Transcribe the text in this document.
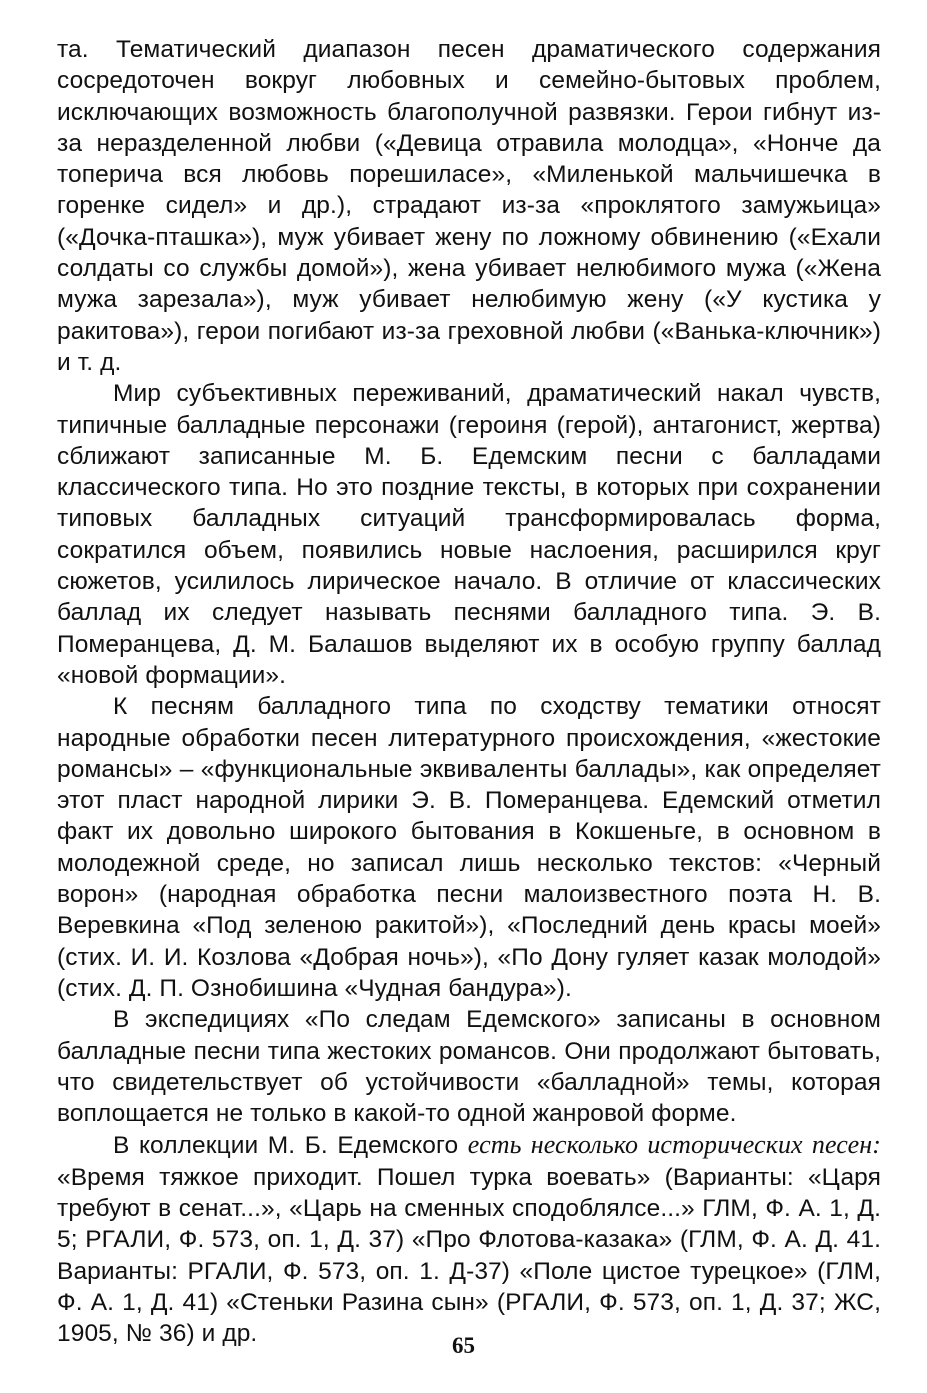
та. Тематический диапазон песен драматического содержания сосредоточен вокруг любовных и семейно-бытовых проблем, исключающих возможность благополучной развязки. Герои гибнут из-за неразделенной любви («Девица отравила молодца», «Нонче да топерича вся любовь порешиласе», «Миленькой мальчишечка в горенке сидел» и др.), страдают из-за «проклятого замужьица» («Дочка-пташка»), муж убивает жену по ложному обвинению («Ехали солдаты со службы домой»), жена убивает нелюбимого мужа («Жена мужа зарезала»), муж убивает нелюбимую жену («У кустика у ракитова»), герои погибают из-за греховной любви («Ванька-ключник») и т. д.

Мир субъективных переживаний, драматический накал чувств, типичные балладные персонажи (героиня (герой), антагонист, жертва) сближают записанные М. Б. Едемским песни с балладами классического типа. Но это поздние тексты, в которых при сохранении типовых балладных ситуаций трансформировалась форма, сократился объем, появились новые наслоения, расширился круг сюжетов, усилилось лирическое начало. В отличие от классических баллад их следует называть песнями балладного типа. Э. В. Померанцева, Д. М. Балашов выделяют их в особую группу баллад «новой формации».

К песням балладного типа по сходству тематики относят народные обработки песен литературного происхождения, «жестокие романсы» – «функциональные эквиваленты баллады», как определяет этот пласт народной лирики Э. В. Померанцева. Едемский отметил факт их довольно широкого бытования в Кокшеньге, в основном в молодежной среде, но записал лишь несколько текстов: «Черный ворон» (народная обработка песни малоизвестного поэта Н. В. Веревкина «Под зеленою ракитой»), «Последний день красы моей» (стих. И. И. Козлова «Добрая ночь»), «По Дону гуляет казак молодой» (стих. Д. П. Ознобишина «Чудная бандура»).

В экспедициях «По следам Едемского» записаны в основном балладные песни типа жестоких романсов. Они продолжают бытовать, что свидетельствует об устойчивости «балладной» темы, которая воплощается не только в какой-то одной жанровой форме.

В коллекции М. Б. Едемского есть несколько исторических песен: «Время тяжкое приходит. Пошел турка воевать» (Варианты: «Царя требуют в сенат...», «Царь на сменных сподоблялсе...» ГЛМ, Ф. А. 1, Д. 5; РГАЛИ, Ф. 573, оп. 1, Д. 37) «Про Флотова-казака» (ГЛМ, Ф. А. Д. 41. Варианты: РГАЛИ, Ф. 573, оп. 1. Д-37) «Поле цистое турецкое» (ГЛМ, Ф. А. 1, Д. 41) «Стеньки Разина сын» (РГАЛИ, Ф. 573, оп. 1, Д. 37; ЖС, 1905, № 36) и др.	65
